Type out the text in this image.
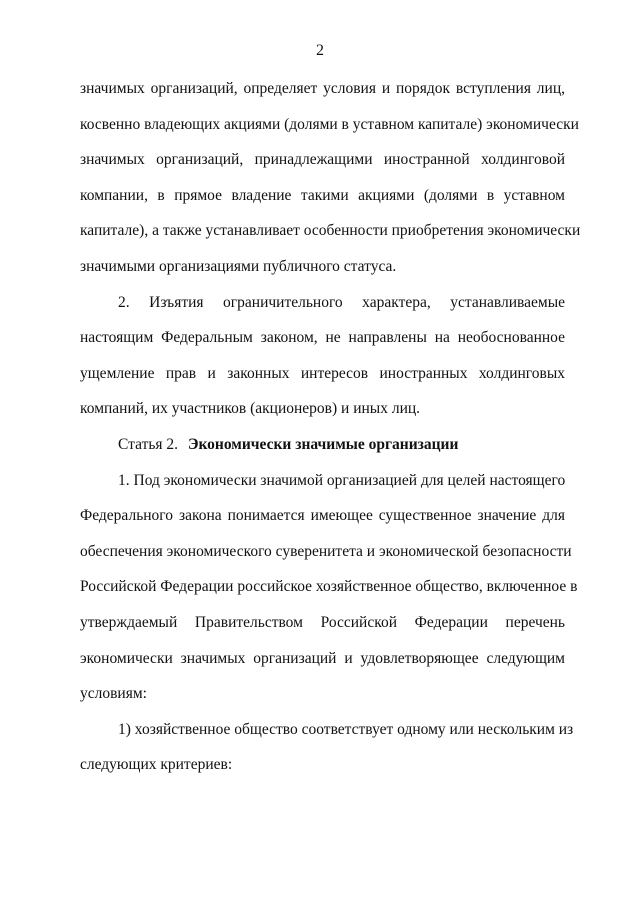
2
значимых организаций, определяет условия и порядок вступления лиц,
косвенно владеющих акциями (долями в уставном капитале) экономически
значимых организаций, принадлежащими иностранной холдинговой
компании, в прямое владение такими акциями (долями в уставном
капитале), а также устанавливает особенности приобретения экономически
значимыми организациями публичного статуса.
2. Изъятия ограничительного характера, устанавливаемые
настоящим Федеральным законом, не направлены на необоснованное
ущемление прав и законных интересов иностранных холдинговых
компаний, их участников (акционеров) и иных лиц.
Статья 2. Экономически значимые организации
1. Под экономически значимой организацией для целей настоящего
Федерального закона понимается имеющее существенное значение для
обеспечения экономического суверенитета и экономической безопасности
Российской Федерации российское хозяйственное общество, включенное в
утверждаемый Правительством Российской Федерации перечень
экономически значимых организаций и удовлетворяющее следующим
условиям:
1) хозяйственное общество соответствует одному или нескольким из
следующих критериев:
